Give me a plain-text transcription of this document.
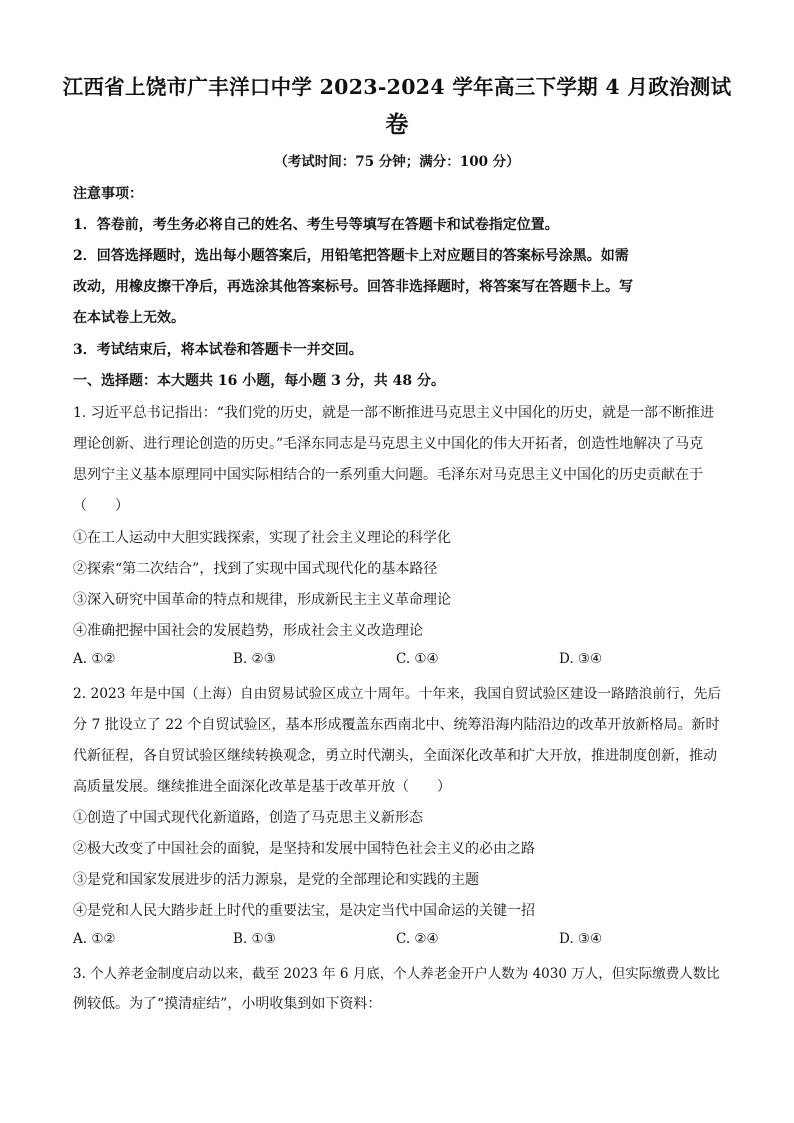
江西省上饶市广丰洋口中学 2023-2024 学年高三下学期 4 月政治测试
卷
（考试时间：75 分钟；满分：100 分）
注意事项：
1．答卷前，考生务必将自己的姓名、考生号等填写在答题卡和试卷指定位置。
2．回答选择题时，选出每小题答案后，用铅笔把答题卡上对应题目的答案标号涂黑。如需
改动，用橡皮擦干净后，再选涂其他答案标号。回答非选择题时，将答案写在答题卡上。写
在本试卷上无效。
3．考试结束后，将本试卷和答题卡一并交回。
一、选择题：本大题共 16 小题，每小题 3 分，共 48 分。
1. 习近平总书记指出：“我们党的历史，就是一部不断推进马克思主义中国化的历史，就是一部不断推进
理论创新、进行理论创造的历史。”毛泽东同志是马克思主义中国化的伟大开拓者，创造性地解决了马克
思列宁主义基本原理同中国实际相结合的一系列重大问题。毛泽东对马克思主义中国化的历史贡献在于
（　　）
①在工人运动中大胆实践探索，实现了社会主义理论的科学化
②探索“第二次结合”，找到了实现中国式现代化的基本路径
③深入研究中国革命的特点和规律，形成新民主主义革命理论
④准确把握中国社会的发展趋势，形成社会主义改造理论
A. ①②	B. ②③	C. ①④	D. ③④
2. 2023 年是中国（上海）自由贸易试验区成立十周年。十年来，我国自贸试验区建设一路踏浪前行，先后
分 7 批设立了 22 个自贸试验区，基本形成覆盖东西南北中、统筹沿海内陆沿边的改革开放新格局。新时
代新征程，各自贸试验区继续转换观念，勇立时代潮头，全面深化改革和扩大开放，推进制度创新，推动
高质量发展。继续推进全面深化改革是基于改革开放（　　）
①创造了中国式现代化新道路，创造了马克思主义新形态
②极大改变了中国社会的面貌，是坚持和发展中国特色社会主义的必由之路
③是党和国家发展进步的活力源泉，是党的全部理论和实践的主题
④是党和人民大踏步赶上时代的重要法宝，是决定当代中国命运的关键一招
A. ①②	B. ①③	C. ②④	D. ③④
3. 个人养老金制度启动以来，截至 2023 年 6 月底，个人养老金开户人数为 4030 万人，但实际缴费人数比
例较低。为了“摸清症结”，小明收集到如下资料：
